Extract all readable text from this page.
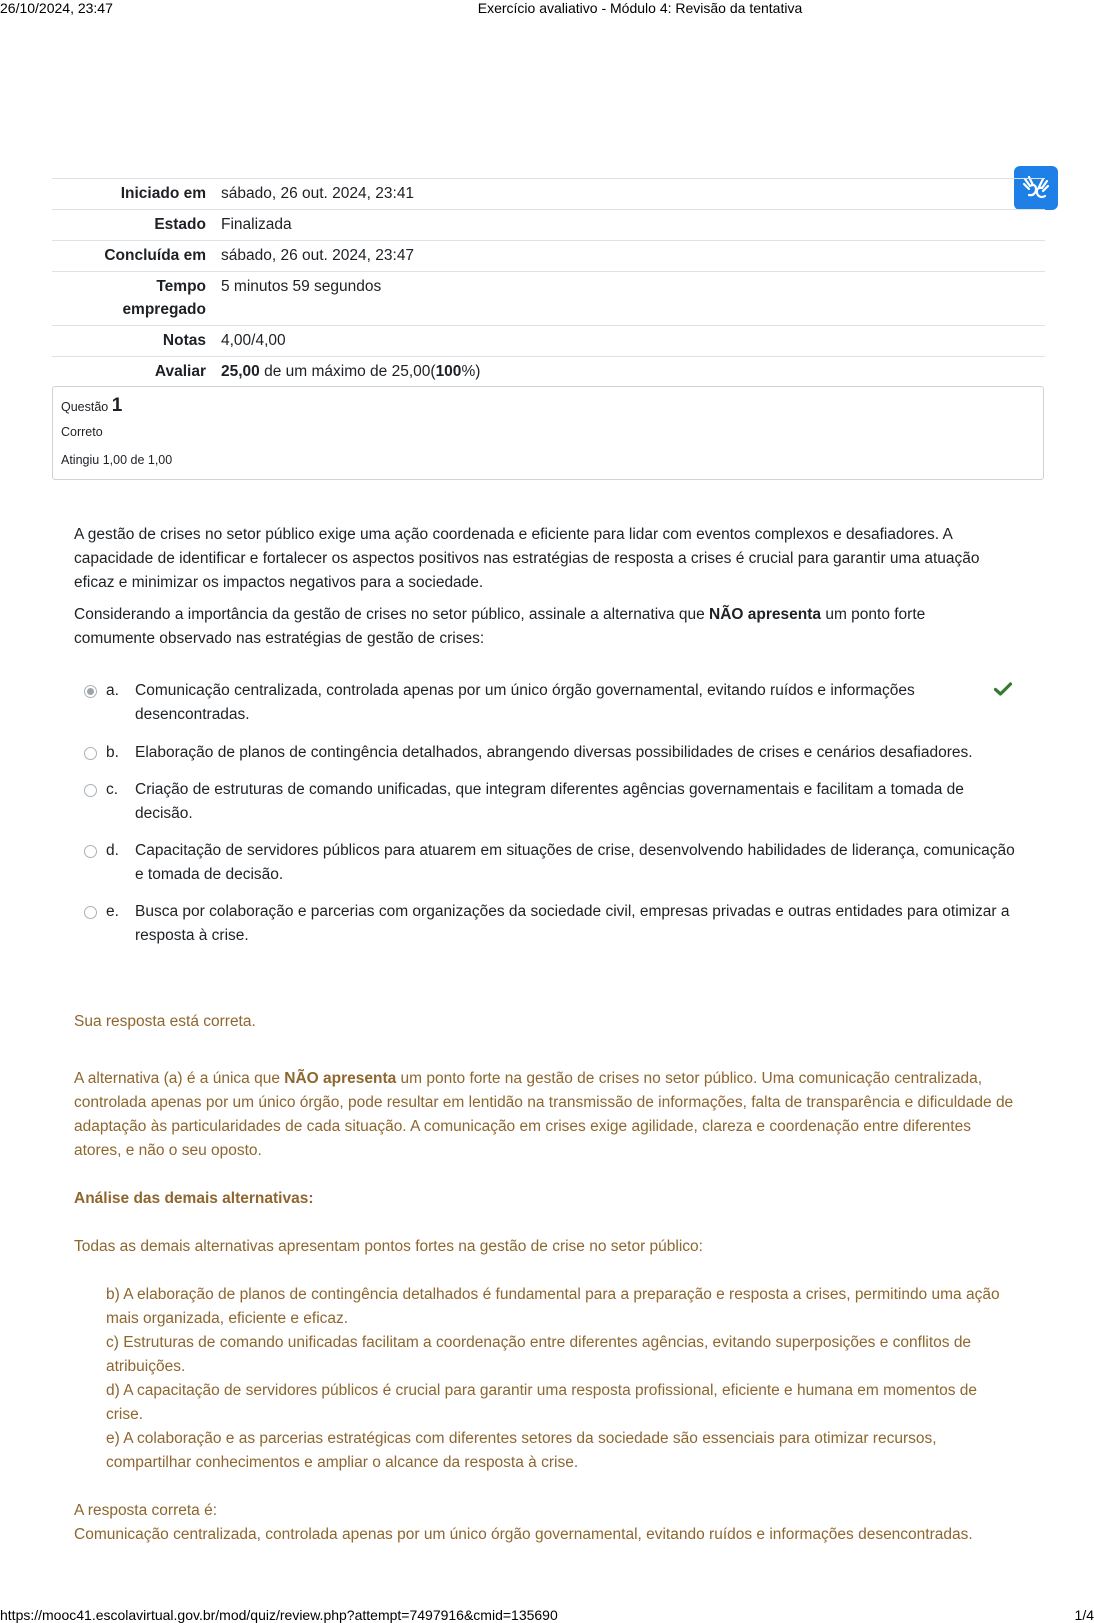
26/10/2024, 23:47	Exercício avaliativo - Módulo 4: Revisão da tentativa
Iniciado em sábado, 26 out. 2024, 23:41
Estado Finalizada
Concluída em sábado, 26 out. 2024, 23:47
Tempo
empregado
5 minutos 59 segundos
Notas 4,00/4,00
Avaliar 25,00 de um máximo de 25,00(100%)
Questão 1
Correto
Atingiu 1,00 de 1,00

A gestão de crises no setor público exige uma ação coordenada e eficiente para lidar com eventos complexos e desafiadores. A capacidade de identificar e fortalecer os aspectos positivos nas estratégias de resposta a crises é crucial para garantir uma atuação eficaz e minimizar os impactos negativos para a sociedade.

Considerando a importância da gestão de crises no setor público, assinale a alternativa que NÃO apresenta um ponto forte comumente observado nas estratégias de gestão de crises:

a. Comunicação centralizada, controlada apenas por um único órgão governamental, evitando ruídos e informações desencontradas.
b. Elaboração de planos de contingência detalhados, abrangendo diversas possibilidades de crises e cenários desafiadores.
c. Criação de estruturas de comando unificadas, que integram diferentes agências governamentais e facilitam a tomada de decisão.
d. Capacitação de servidores públicos para atuarem em situações de crise, desenvolvendo habilidades de liderança, comunicação e tomada de decisão.
e. Busca por colaboração e parcerias com organizações da sociedade civil, empresas privadas e outras entidades para otimizar a resposta à crise.

Sua resposta está correta.

A alternativa (a) é a única que NÃO apresenta um ponto forte na gestão de crises no setor público. Uma comunicação centralizada, controlada apenas por um único órgão, pode resultar em lentidão na transmissão de informações, falta de transparência e dificuldade de adaptação às particularidades de cada situação. A comunicação em crises exige agilidade, clareza e coordenação entre diferentes atores, e não o seu oposto.

Análise das demais alternativas:

Todas as demais alternativas apresentam pontos fortes na gestão de crise no setor público:

b) A elaboração de planos de contingência detalhados é fundamental para a preparação e resposta a crises, permitindo uma ação mais organizada, eficiente e eficaz.

c) Estruturas de comando unificadas facilitam a coordenação entre diferentes agências, evitando superposições e conflitos de atribuições.

d) A capacitação de servidores públicos é crucial para garantir uma resposta profissional, eficiente e humana em momentos de crise.

e) A colaboração e as parcerias estratégicas com diferentes setores da sociedade são essenciais para otimizar recursos, compartilhar conhecimentos e ampliar o alcance da resposta à crise.

A resposta correta é:

Comunicação centralizada, controlada apenas por um único órgão governamental, evitando ruídos e informações desencontradas.

https://mooc41.escolavirtual.gov.br/mod/quiz/review.php?attempt=7497916&cmid=135690	1/4
